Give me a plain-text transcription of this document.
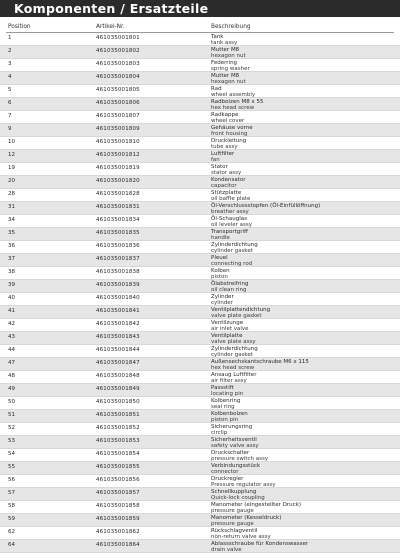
Komponenten / Ersatzteile
Position	Artikel-Nr.	Beschreibung
1	461035001801	Tank
tank assy
2	461035001802	Mutter M8
hexagon nut
3	461035001803	Federring
spring washer
4	461035001804	Mutter M8
hexagon nut
5	461035001805	Rad
wheel assembly
6	461035001806	Radbolzen M8 x 55
hex head screw
7	461035001807	Radkappe
wheel cover
9	461035001809	Gehäuse vorne
front housing
10	461035001810	Druckleitung
tube assy
12	461035001812	Luftfilter
fan
19	461035001819	Stator
stator assy
20	461035001820	Kondensator
capacitor
28	461035001828	Stützplatte
oil baffle plate
31	461035001831	Öl-Verschlussstopfen (Öl-Einfüllöffnung)
breather assy
34	461035001834	Öl-Schauglas
oil leveler assy
35	461035001835	Transportgriff
handle
36	461035001836	Zylinderdichtung
cylinder gasket
37	461035001837	Pleuel
connecting rod
38	461035001838	Kolben
piston
39	461035001839	Ölabstreifring
oil clean ring
40	461035001840	Zylinder
cylinder
41	461035001841	Ventilplattendichtung
valve plate gasket
42	461035001842	Ventilzunge
air inlet valve
43	461035001843	Ventilplatte
valve plate assy
44	461035001844	Zylinderdichtung
cylinder gasket
47	461035001847	Außensechskantschraube M6 x 115
hex head screw
48	461035001848	Ansaug Luftfilter
air filter assy
49	461035001849	Passstift
locating pin
50	461035001850	Kolbenring
seal ring
51	461035001851	Kolbenbolzen
piston pin
52	461035001852	Sicherungsring
circlip
53	461035001853	Sicherheitsventil
safety valve assy
54	461035001854	Druckschalter
pressure switch assy
55	461035001855	Verbindungsstück
connector
56	461035001856	Druckregler
Pressure regulator assy
57	461035001857	Schnellkupplung
Quick-lock coupling
58	461035001858	Manometer (eingestellter Druck)
pressure gauge
59	461035001859	Manometer (Kesseldruck)
pressure gauge
62	461035001862	Rückschlagventil
non-return valve assy
64	461035001864	Ablassschraube für Kondenswasser
drain valve
